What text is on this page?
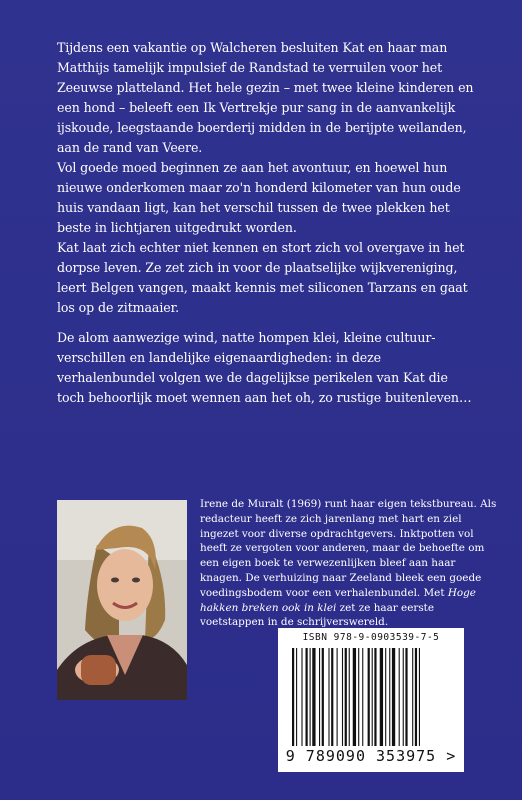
Tijdens een vakantie op Walcheren besluiten Kat en haar man Matthijs tamelijk impulsief de Randstad te verruilen voor het Zeeuwse platteland. Het hele gezin – met twee kleine kinderen en een hond – beleeft een Ik Vertrekje pur sang in de aanvankelijk ijskoude, leegstaande boerderij midden in de berijpte weilanden, aan de rand van Veere.

Vol goede moed beginnen ze aan het avontuur, en hoewel hun nieuwe onderkomen maar zo'n honderd kilometer van hun oude huis vandaan ligt, kan het verschil tussen de twee plekken het beste in lichtjaren uitgedrukt worden.

Kat laat zich echter niet kennen en stort zich vol overgave in het dorpse leven. Ze zet zich in voor de plaatselijke wijkvereniging, leert Belgen vangen, maakt kennis met siliconen Tarzans en gaat los op de zitmaaier.

De alom aanwezige wind, natte hompen klei, kleine cultuur-verschillen en landelijke eigenaardigheden: in deze verhalenbundel volgen we de dagelijkse perikelen van Kat die toch behoorlijk moet wennen aan het oh, zo rustige buitenleven…

Irene de Muralt (1969) runt haar eigen tekstbureau. Als redacteur heeft ze zich jarenlang met hart en ziel ingezet voor diverse opdrachtgevers. Inktpotten vol heeft ze vergoten voor anderen, maar de behoefte om een eigen boek te verwezenlijken bleef aan haar knagen. De verhuizing naar Zeeland bleek een goede voedingsbodem voor een verhalenbundel. Met Hoge hakken breken ook in klei zet ze haar eerste voetstappen in de schrijverswereld.
ISBN 978-9-0903539-7-5
9 789090 353975 >
